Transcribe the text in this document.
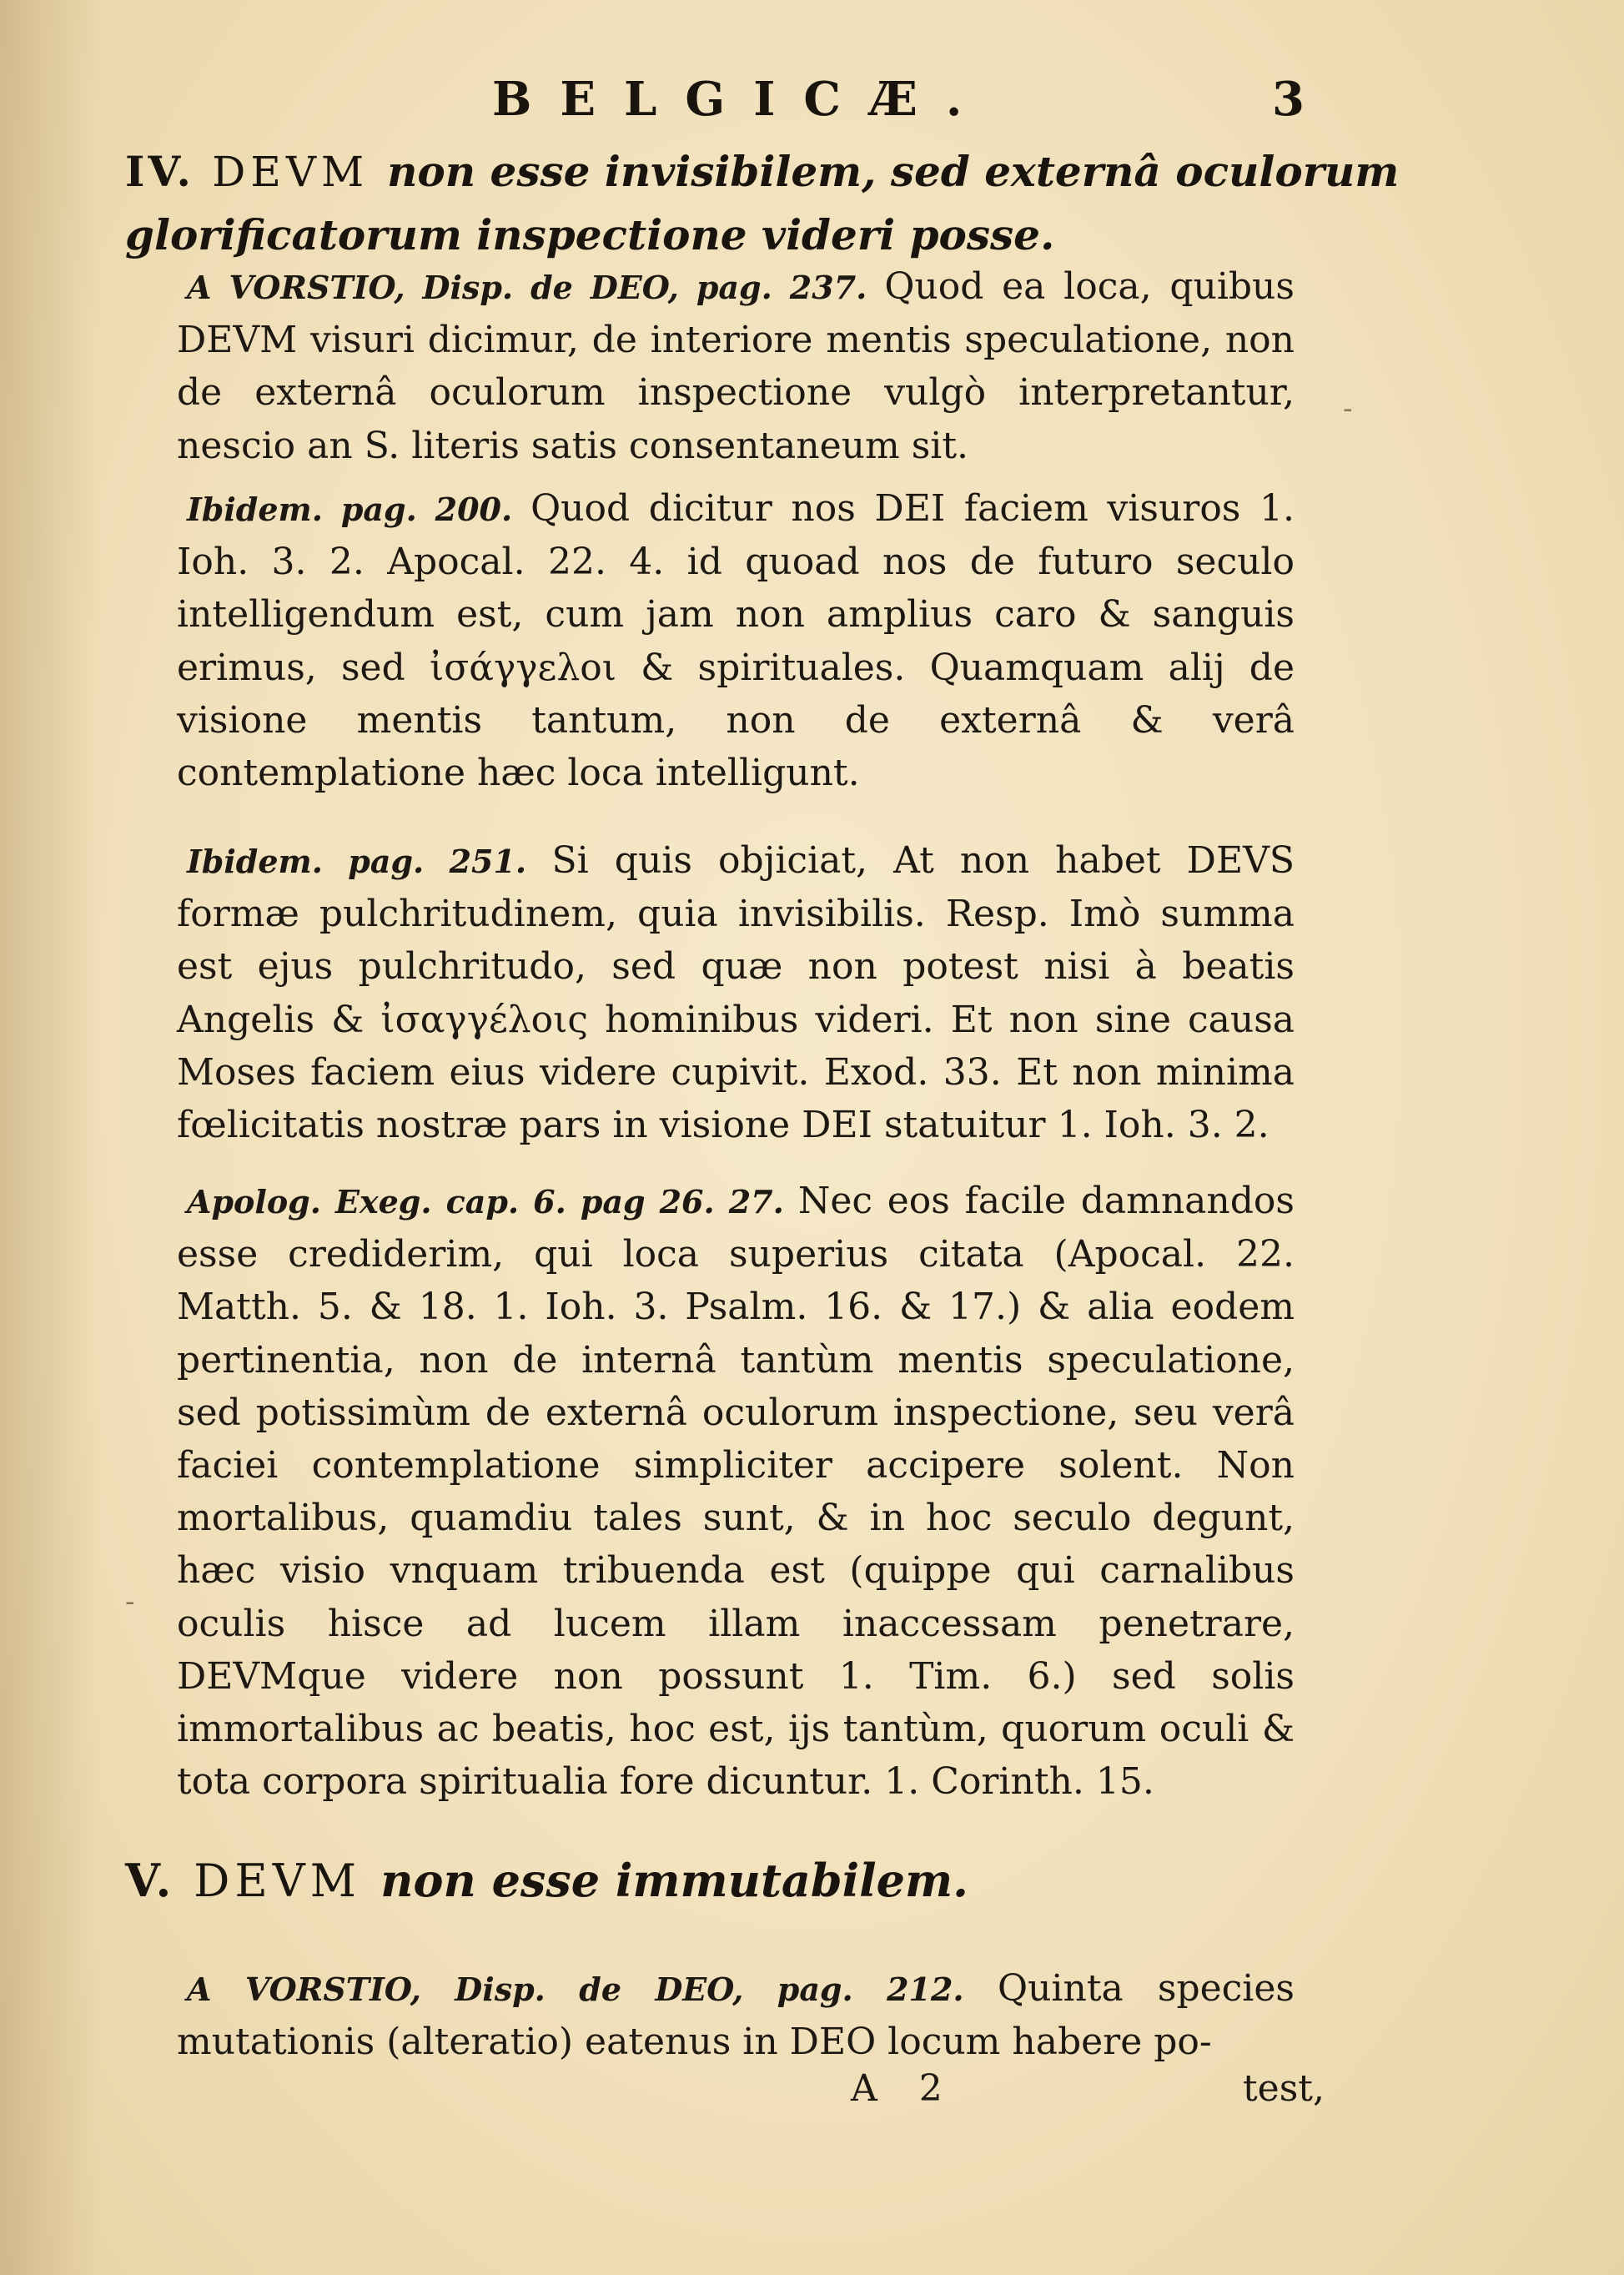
BELGICÆ.	3
IV. DEVM non esse invisibilem, sed externâ oculorum glorificatorum inspectione videri posse.
A VORSTIO, Disp. de DEO, pag. 237. Quod ea loca, quibus DEVM visuri dicimur, de interiore mentis speculatione, non de externâ oculorum inspectione vulgò interpretantur, nescio an S. literis satis consentaneum sit.
Ibidem. pag. 200. Quod dicitur nos DEI faciem visuros 1. Ioh. 3. 2. Apocal. 22. 4. id quoad nos de futuro seculo intelligendum est, cum jam non amplius caro & sanguis erimus, sed ἰσάγγελοι & spirituales. Quamquam alij de visione mentis tantum, non de externâ & verâ contemplatione hæc loca intelligunt.
Ibidem. pag. 251. Si quis objiciat, At non habet DEVS formæ pulchritudinem, quia invisibilis. Resp. Imò summa est ejus pulchritudo, sed quæ non potest nisi à beatis Angelis & ἰσαγγέλοις hominibus videri. Et non sine causa Moses faciem eius videre cupivit. Exod. 33. Et non minima fœlicitatis nostræ pars in visione DEI statuitur 1. Ioh. 3. 2.
Apolog. Exeg. cap. 6. pag 26. 27. Nec eos facile damnandos esse crediderim, qui loca superius citata (Apocal. 22. Matth. 5. & 18. 1. Ioh. 3. Psalm. 16. & 17.) & alia eodem pertinentia, non de internâ tantùm mentis speculatione, sed potissimùm de externâ oculorum inspectione, seu verâ faciei contemplatione simpliciter accipere solent. Non mortalibus, quamdiu tales sunt, & in hoc seculo degunt, hæc visio vnquam tribuenda est (quippe qui carnalibus oculis hisce ad lucem illam inaccessam penetrare, DEVMque videre non possunt 1. Tim. 6.) sed solis immortalibus ac beatis, hoc est, ijs tantùm, quorum oculi & tota corpora spiritualia fore dicuntur. 1. Corinth. 15.
V. DEVM non esse immutabilem.
A VORSTIO, Disp. de DEO, pag. 212. Quinta species mutationis (alteratio) eatenus in DEO locum habere po-
A 2	test,
-
-
